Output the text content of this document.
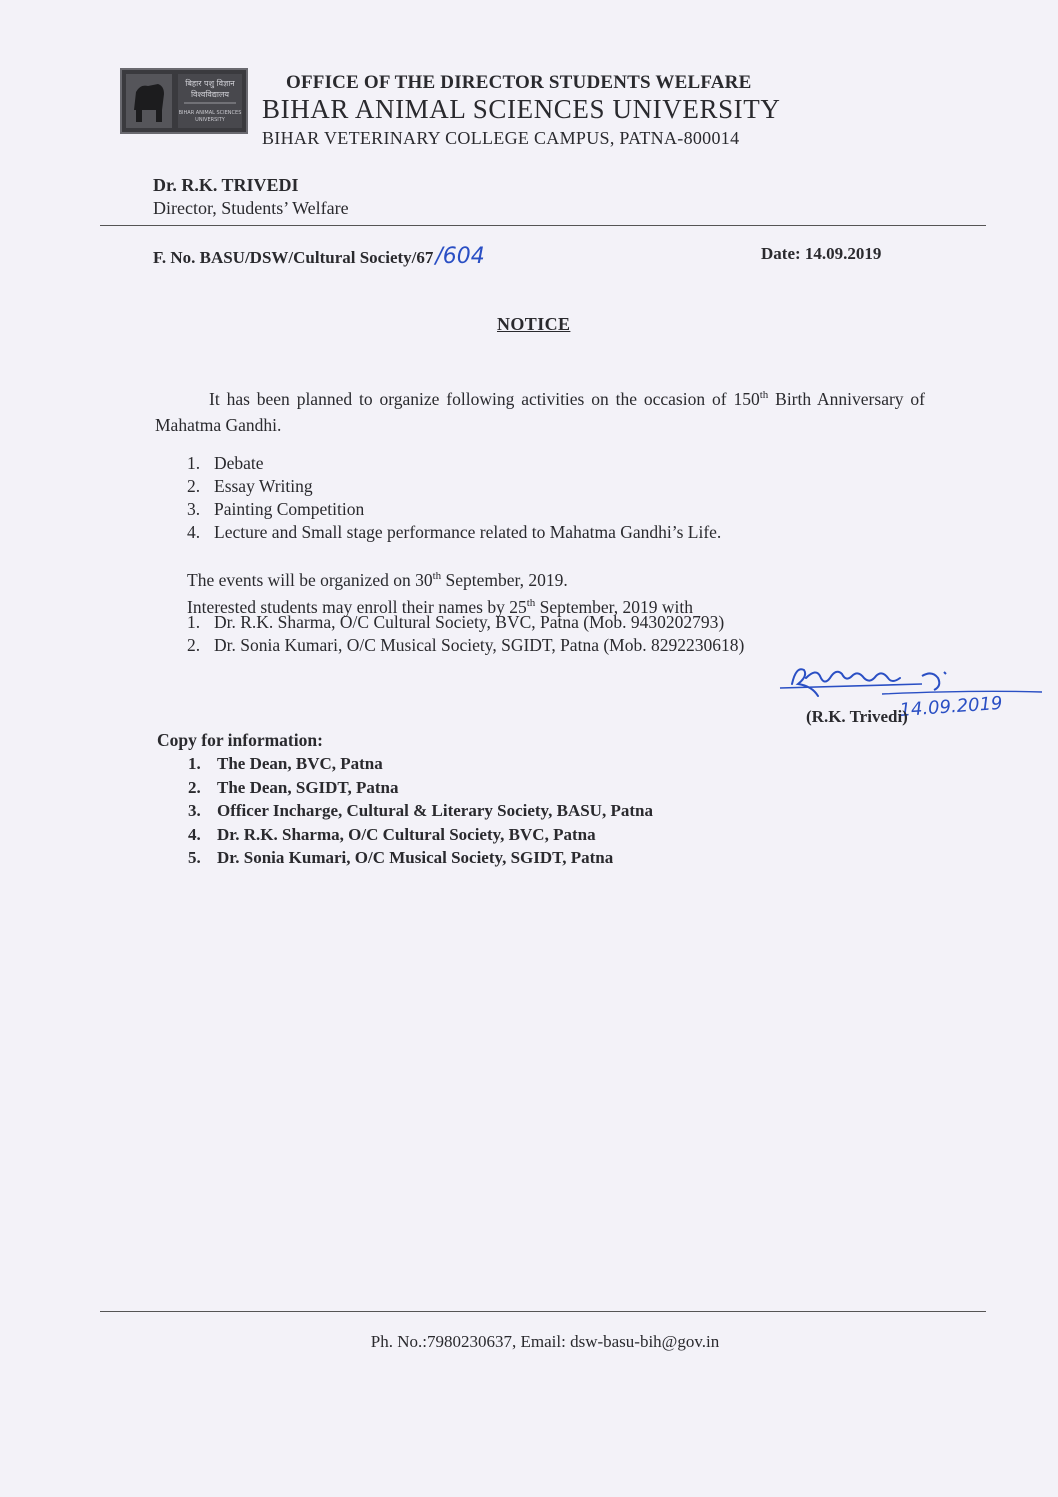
बिहार पशु विज्ञान
विश्वविद्यालय
BIHAR ANIMAL SCIENCES
UNIVERSITY
OFFICE OF THE DIRECTOR STUDENTS WELFARE
BIHAR ANIMAL SCIENCES UNIVERSITY
BIHAR VETERINARY COLLEGE CAMPUS, PATNA-800014
Dr. R.K. TRIVEDI
Director, Students’ Welfare
F. No. BASU/DSW/Cultural Society/67/604	Date: 14.09.2019
NOTICE
It has been planned to organize following activities on the occasion of 150th Birth Anniversary of Mahatma Gandhi.
1. Debate
2. Essay Writing
3. Painting Competition
4. Lecture and Small stage performance related to Mahatma Gandhi’s Life.
The events will be organized on 30th September, 2019.
Interested students may enroll their names by 25th September, 2019 with
1. Dr. R.K. Sharma, O/C Cultural Society, BVC, Patna (Mob. 9430202793)
2. Dr. Sonia Kumari, O/C Musical Society, SGIDT, Patna (Mob. 8292230618)
14.09.2019
(R.K. Trivedi)
Copy for information:
1. The Dean, BVC, Patna
2. The Dean, SGIDT, Patna
3. Officer Incharge, Cultural & Literary Society, BASU, Patna
4. Dr. R.K. Sharma, O/C Cultural Society, BVC, Patna
5. Dr. Sonia Kumari, O/C Musical Society, SGIDT, Patna
Ph. No.:7980230637, Email: dsw-basu-bih@gov.in
